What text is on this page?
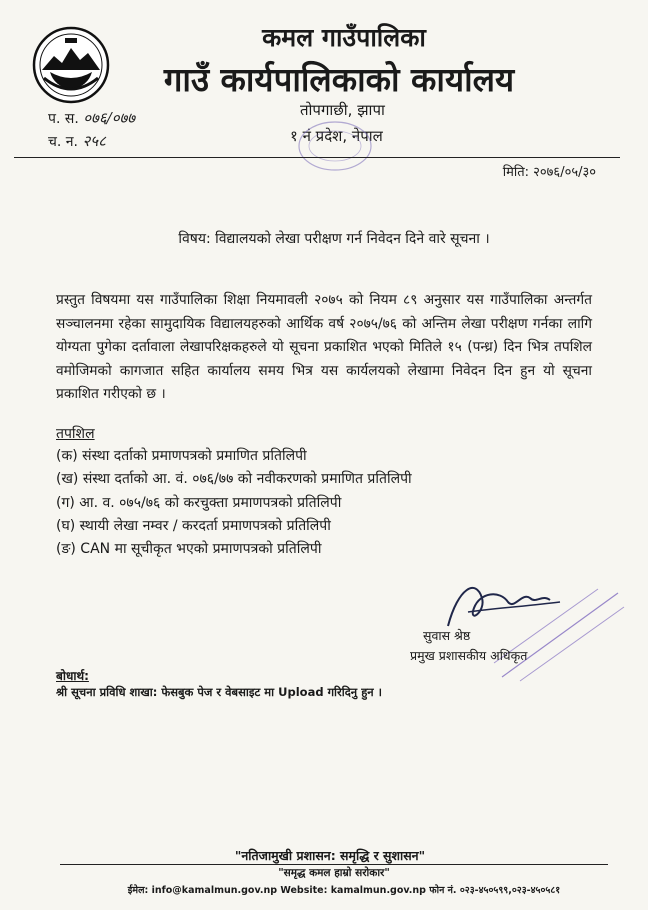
कमल गाउँपालिका
गाउँ कार्यपालिकाको कार्यालय
तोपगाछी, झापा
१ नं प्रदेश, नेपाल
प. स. ०७६/०७७
च. न. २५८
मिति: २०७६/०५/३०
विषय: विद्यालयको लेखा परीक्षण गर्न निवेदन दिने वारे सूचना ।
प्रस्तुत विषयमा यस गाउँपालिका शिक्षा नियमावली २०७५ को नियम ८९ अनुसार यस गाउँपालिका अन्तर्गत सञ्चालनमा रहेका सामुदायिक विद्यालयहरुको आर्थिक वर्ष २०७५/७६ को अन्तिम लेखा परीक्षण गर्नका लागि योग्यता पुगेका दर्तावाला लेखापरिक्षकहरुले यो सूचना प्रकाशित भएको मितिले १५ (पन्ध्र) दिन भित्र तपशिल वमोजिमको कागजात सहित कार्यालय समय भित्र यस कार्यलयको लेखामा निवेदन दिन हुन यो सूचना प्रकाशित गरीएको छ ।
तपशिल
(क) संस्था दर्ताको प्रमाणपत्रको प्रमाणित प्रतिलिपी
(ख) संस्था दर्ताको आ. वं. ०७६/७७ को नवीकरणको प्रमाणित प्रतिलिपी
(ग) आ. व. ०७५/७६ को करचुक्ता प्रमाणपत्रको प्रतिलिपी
(घ) स्थायी लेखा नम्वर / करदर्ता प्रमाणपत्रको प्रतिलिपी
(ङ) CAN मा सूचीकृत भएको प्रमाणपत्रको प्रतिलिपी
सुवास श्रेष्ठ
प्रमुख प्रशासकीय अधिकृत
बोधार्थ:
श्री सूचना प्रविधि शाखा: फेसबुक पेज र वेबसाइट मा Upload गरिदिनु हुन ।
"नतिजामुखी प्रशासन: समृद्धि र सुशासन"
"समृद्ध कमल हाम्रो सरोकार"
ईमेल: info@kamalmun.gov.np Website: kamalmun.gov.np फोन नं. ०२३-४५०५९९,०२३-४५०५८१
